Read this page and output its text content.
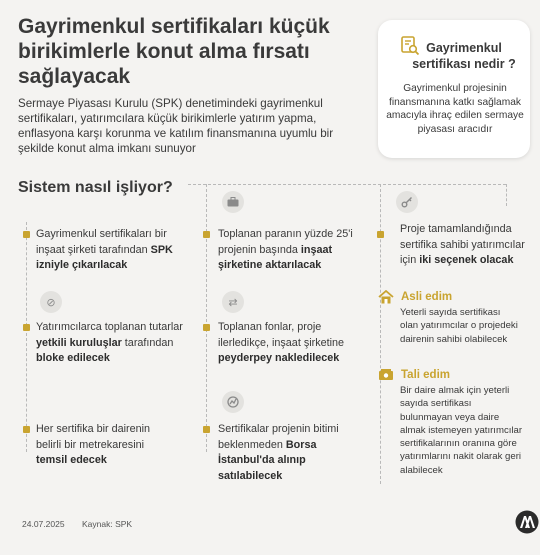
Gayrimenkul sertifikaları küçük birikimlerle konut alma fırsatı sağlayacak
Sermaye Piyasası Kurulu (SPK) denetimindeki gayrimenkul sertifikaları, yatırımcılara küçük birikimlerle yatırım yapma, enflasyona karşı korunma ve katılım finansmanına uyumlu bir şekilde konut alma imkanı sunuyor
Gayrimenkul sertifikası nedir ?
Gayrimenkul projesinin finansmanına katkı sağlamak amacıyla ihraç edilen sermaye piyasası aracıdır
Sistem nasıl işliyor?
Gayrimenkul sertifikaları bir inşaat şirketi tarafından SPK izniyle çıkarılacak
⊘
Yatırımcılarca toplanan tutarlar yetkili kuruluşlar tarafından bloke edilecek
Her sertifika bir dairenin belirli bir metrekaresini temsil edecek
Toplanan paranın yüzde 25'i projenin başında inşaat şirketine aktarılacak
⇄
Toplanan fonlar, proje ilerledikçe, inşaat şirketine peyderpey nakledilecek
Sertifikalar projenin bitimi beklenmeden Borsa İstanbul'da alınıp satılabilecek
Proje tamamlandığında sertifika sahibi yatırımcılar için iki seçenek olacak
Asli edim
Yeterli sayıda sertifikası olan yatırımcılar o projedeki dairenin sahibi olabilecek
Tali edim
Bir daire almak için yeterli sayıda sertifikası bulunmayan veya daire almak istemeyen yatırımcılar sertifikalarının oranına göre yatırımlarını nakit olarak geri alabilecek
24.07.2025 Kaynak: SPK
